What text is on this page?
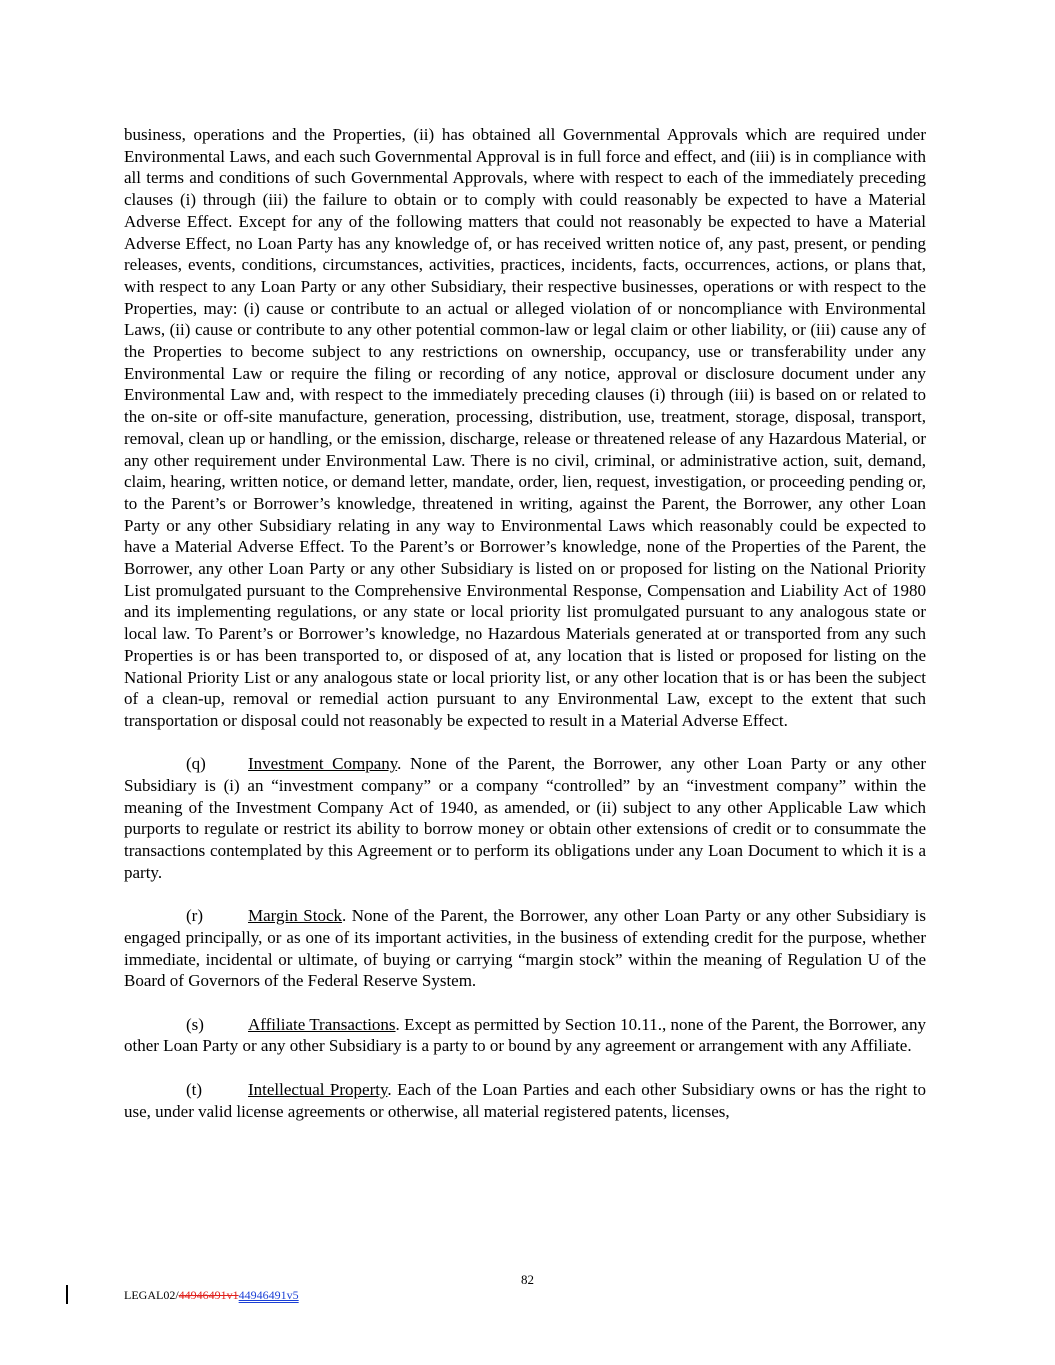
business, operations and the Properties, (ii) has obtained all Governmental Approvals which are required under Environmental Laws, and each such Governmental Approval is in full force and effect, and (iii) is in compliance with all terms and conditions of such Governmental Approvals, where with respect to each of the immediately preceding clauses (i) through (iii) the failure to obtain or to comply with could reasonably be expected to have a Material Adverse Effect. Except for any of the following matters that could not reasonably be expected to have a Material Adverse Effect, no Loan Party has any knowledge of, or has received written notice of, any past, present, or pending releases, events, conditions, circumstances, activities, practices, incidents, facts, occurrences, actions, or plans that, with respect to any Loan Party or any other Subsidiary, their respective businesses, operations or with respect to the Properties, may: (i) cause or contribute to an actual or alleged violation of or noncompliance with Environmental Laws, (ii) cause or contribute to any other potential common-law or legal claim or other liability, or (iii) cause any of the Properties to become subject to any restrictions on ownership, occupancy, use or transferability under any Environmental Law or require the filing or recording of any notice, approval or disclosure document under any Environmental Law and, with respect to the immediately preceding clauses (i) through (iii) is based on or related to the on-site or off-site manufacture, generation, processing, distribution, use, treatment, storage, disposal, transport, removal, clean up or handling, or the emission, discharge, release or threatened release of any Hazardous Material, or any other requirement under Environmental Law. There is no civil, criminal, or administrative action, suit, demand, claim, hearing, written notice, or demand letter, mandate, order, lien, request, investigation, or proceeding pending or, to the Parent’s or Borrower’s knowledge, threatened in writing, against the Parent, the Borrower, any other Loan Party or any other Subsidiary relating in any way to Environmental Laws which reasonably could be expected to have a Material Adverse Effect. To the Parent’s or Borrower’s knowledge, none of the Properties of the Parent, the Borrower, any other Loan Party or any other Subsidiary is listed on or proposed for listing on the National Priority List promulgated pursuant to the Comprehensive Environmental Response, Compensation and Liability Act of 1980 and its implementing regulations, or any state or local priority list promulgated pursuant to any analogous state or local law. To Parent’s or Borrower’s knowledge, no Hazardous Materials generated at or transported from any such Properties is or has been transported to, or disposed of at, any location that is listed or proposed for listing on the National Priority List or any analogous state or local priority list, or any other location that is or has been the subject of a clean-up, removal or remedial action pursuant to any Environmental Law, except to the extent that such transportation or disposal could not reasonably be expected to result in a Material Adverse Effect.

(q) Investment Company. None of the Parent, the Borrower, any other Loan Party or any other Subsidiary is (i) an “investment company” or a company “controlled” by an “investment company” within the meaning of the Investment Company Act of 1940, as amended, or (ii) subject to any other Applicable Law which purports to regulate or restrict its ability to borrow money or obtain other extensions of credit or to consummate the transactions contemplated by this Agreement or to perform its obligations under any Loan Document to which it is a party.

(r)	Margin Stock. None of the Parent, the Borrower, any other Loan Party or any other Subsidiary is engaged principally, or as one of its important activities, in the business of extending credit for the purpose, whether immediate, incidental or ultimate, of buying or carrying “margin stock” within the meaning of Regulation U of the Board of Governors of the Federal Reserve System.

(s)	Affiliate Transactions. Except as permitted by Section 10.11., none of the Parent, the Borrower, any other Loan Party or any other Subsidiary is a party to or bound by any agreement or arrangement with any Affiliate.

(t)	Intellectual Property. Each of the Loan Parties and each other Subsidiary owns or has the right to use, under valid license agreements or otherwise, all material registered patents, licenses,

82
LEGAL02/44946491v144946491v5
